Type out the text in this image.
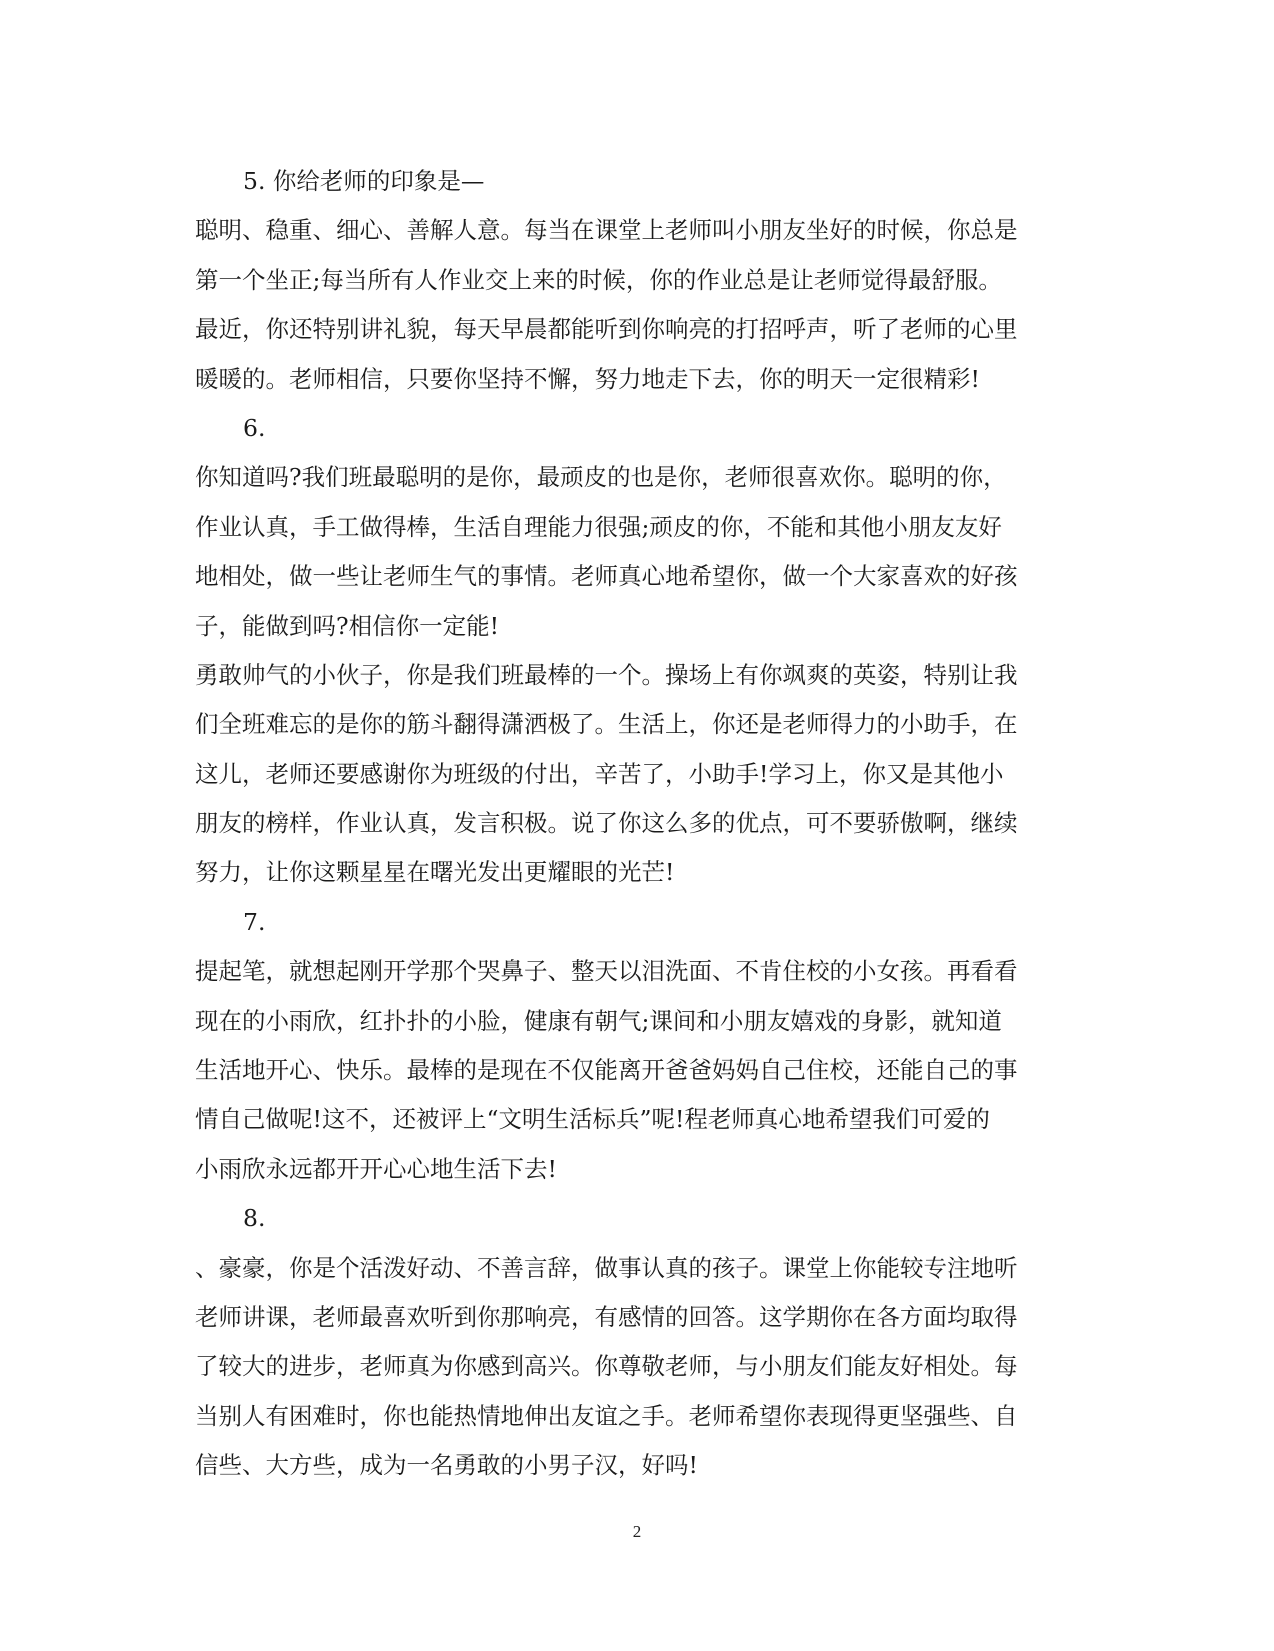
5. 你给老师的印象是—
聪明、稳重、细心、善解人意。每当在课堂上老师叫小朋友坐好的时候，你总是
第一个坐正;每当所有人作业交上来的时候，你的作业总是让老师觉得最舒服。
最近，你还特别讲礼貌，每天早晨都能听到你响亮的打招呼声，听了老师的心里
暖暖的。老师相信，只要你坚持不懈，努力地走下去，你的明天一定很精彩!
6.
你知道吗?我们班最聪明的是你，最顽皮的也是你，老师很喜欢你。聪明的你，
作业认真，手工做得棒，生活自理能力很强;顽皮的你，不能和其他小朋友友好
地相处，做一些让老师生气的事情。老师真心地希望你，做一个大家喜欢的好孩
子，能做到吗?相信你一定能!
勇敢帅气的小伙子，你是我们班最棒的一个。操场上有你飒爽的英姿，特别让我
们全班难忘的是你的筋斗翻得潇洒极了。生活上，你还是老师得力的小助手，在
这儿，老师还要感谢你为班级的付出，辛苦了，小助手!学习上，你又是其他小
朋友的榜样，作业认真，发言积极。说了你这么多的优点，可不要骄傲啊，继续
努力，让你这颗星星在曙光发出更耀眼的光芒!
7.
提起笔，就想起刚开学那个哭鼻子、整天以泪洗面、不肯住校的小女孩。再看看
现在的小雨欣，红扑扑的小脸，健康有朝气;课间和小朋友嬉戏的身影，就知道
生活地开心、快乐。最棒的是现在不仅能离开爸爸妈妈自己住校，还能自己的事
情自己做呢!这不，还被评上“文明生活标兵”呢!程老师真心地希望我们可爱的
小雨欣永远都开开心心地生活下去!
8.
、豪豪，你是个活泼好动、不善言辞，做事认真的孩子。课堂上你能较专注地听
老师讲课，老师最喜欢听到你那响亮，有感情的回答。这学期你在各方面均取得
了较大的进步，老师真为你感到高兴。你尊敬老师，与小朋友们能友好相处。每
当别人有困难时，你也能热情地伸出友谊之手。老师希望你表现得更坚强些、自
信些、大方些，成为一名勇敢的小男子汉，好吗!
2
